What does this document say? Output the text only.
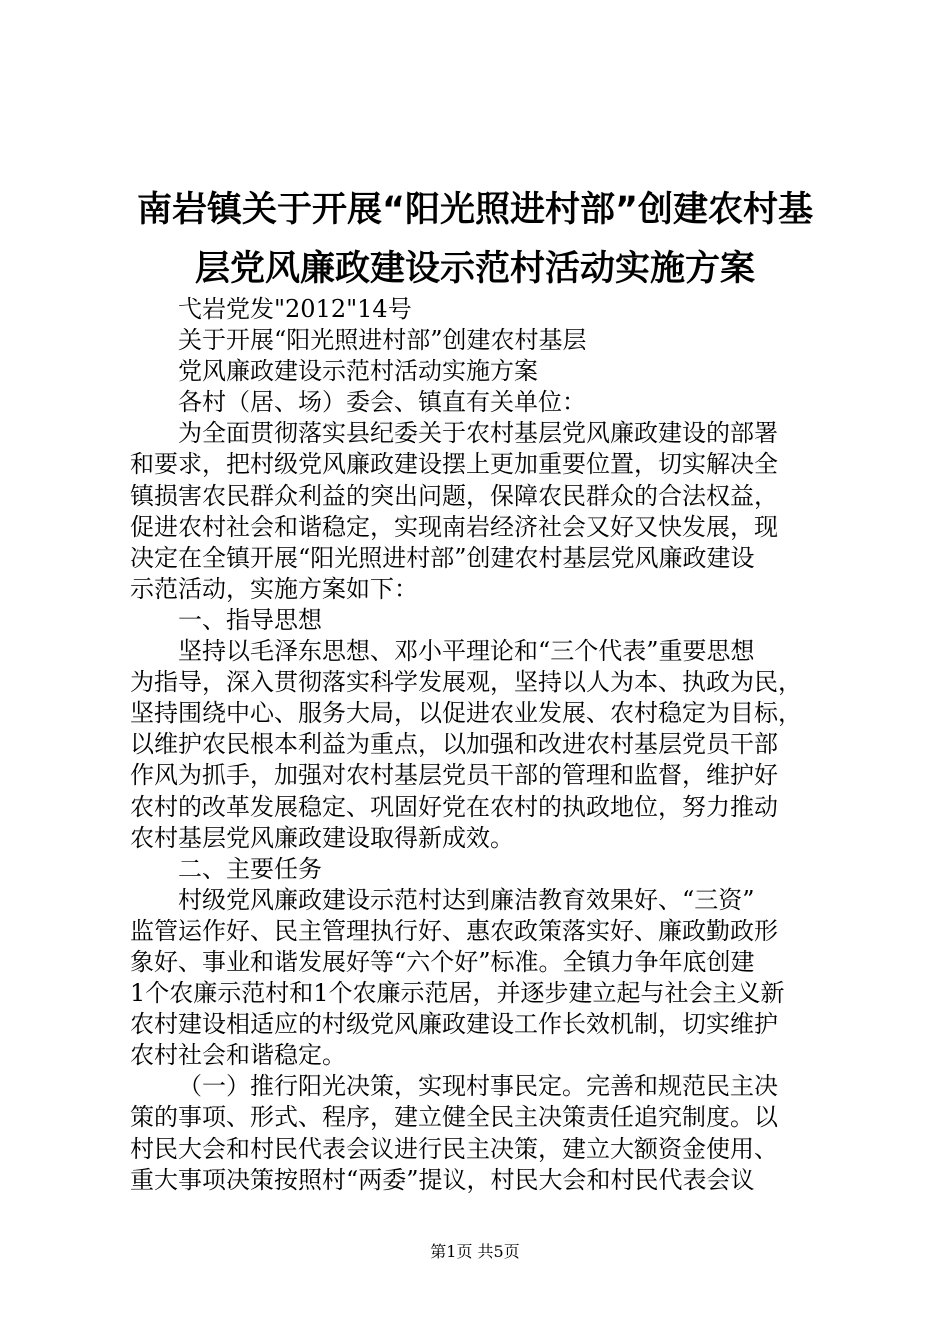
南岩镇关于开展“阳光照进村部”创建农村基
层党风廉政建设示范村活动实施方案
弋岩党发"2012"14号
关于开展“阳光照进村部”创建农村基层
党风廉政建设示范村活动实施方案
各村（居、场）委会、镇直有关单位：
为全面贯彻落实县纪委关于农村基层党风廉政建设的部署
和要求，把村级党风廉政建设摆上更加重要位置，切实解决全
镇损害农民群众利益的突出问题，保障农民群众的合法权益，
促进农村社会和谐稳定，实现南岩经济社会又好又快发展，现
决定在全镇开展“阳光照进村部”创建农村基层党风廉政建设
示范活动，实施方案如下：
一、指导思想
坚持以毛泽东思想、邓小平理论和“三个代表”重要思想
为指导，深入贯彻落实科学发展观，坚持以人为本、执政为民，
坚持围绕中心、服务大局，以促进农业发展、农村稳定为目标，
以维护农民根本利益为重点，以加强和改进农村基层党员干部
作风为抓手，加强对农村基层党员干部的管理和监督，维护好
农村的改革发展稳定、巩固好党在农村的执政地位，努力推动
农村基层党风廉政建设取得新成效。
二、主要任务
村级党风廉政建设示范村达到廉洁教育效果好、“三资”
监管运作好、民主管理执行好、惠农政策落实好、廉政勤政形
象好、事业和谐发展好等“六个好”标准。全镇力争年底创建
1个农廉示范村和1个农廉示范居，并逐步建立起与社会主义新
农村建设相适应的村级党风廉政建设工作长效机制，切实维护
农村社会和谐稳定。
（一）推行阳光决策，实现村事民定。完善和规范民主决
策的事项、形式、程序，建立健全民主决策责任追究制度。以
村民大会和村民代表会议进行民主决策，建立大额资金使用、
重大事项决策按照村“两委”提议，村民大会和村民代表会议
第1页 共5页
